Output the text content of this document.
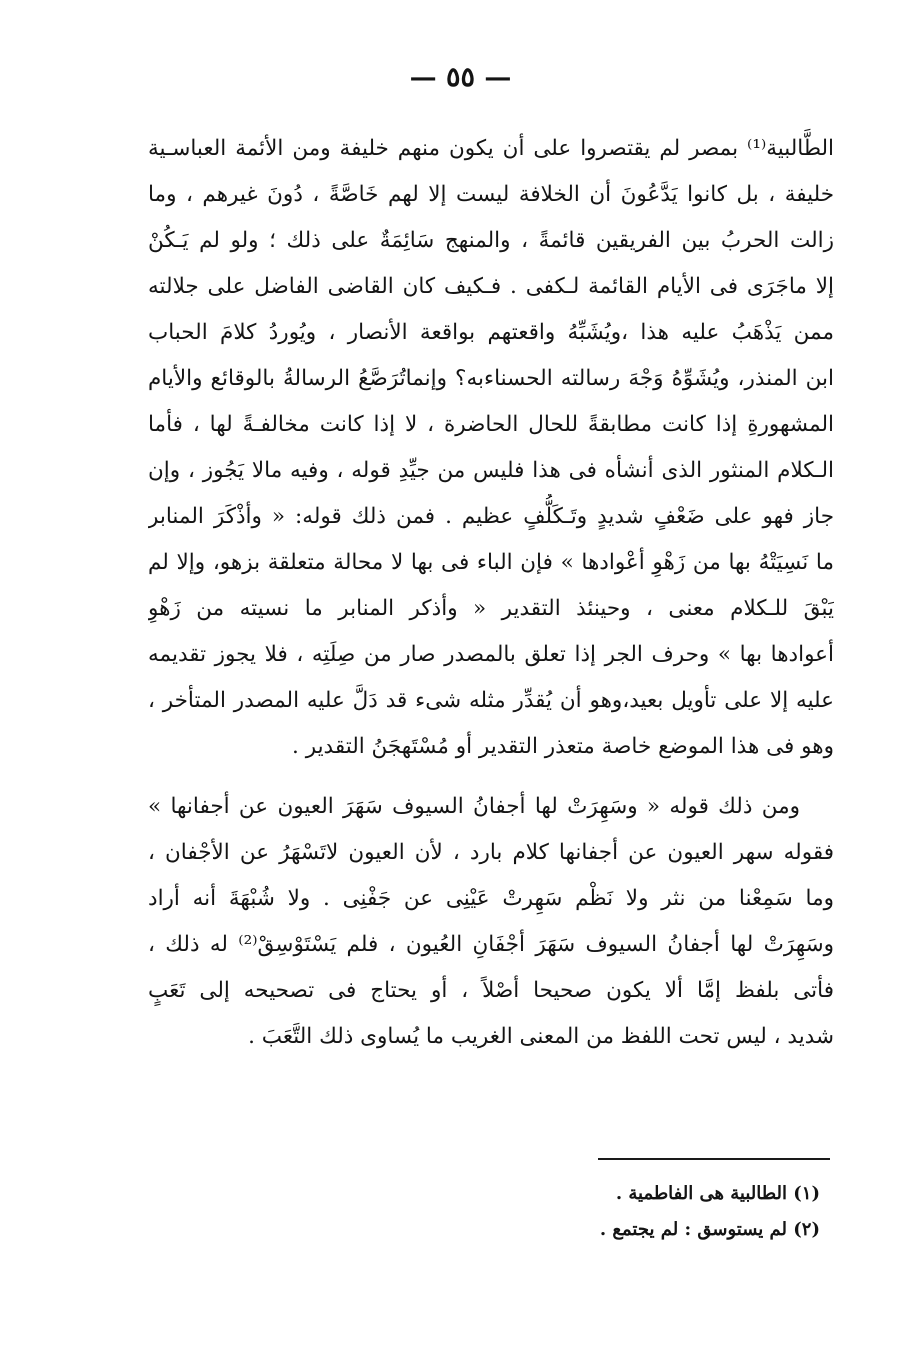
— ٥٥ —
الطَّالبية⁽¹⁾ بمصر لم يقتصروا على أن يكون منهم خليفة ومن الأئمة العباسـية
خليفة ، بل كانوا يَدَّعُونَ أن الخلافة ليست إلا لهم خَاصَّةً ، دُونَ غيرهم ، وما
زالت الحربُ بين الفريقين قائمةً ، والمنهج سَائِمَةٌ على ذلك ؛ ولو لم يَـكُنْ
إلا ماجَرَى فى الأيام القائمة لـكفى . فـكيف كان القاضى الفاضل على جلالته
ممن يَذْهَبُ عليه هذا ،ويُشَبِّهُ واقعتهم بواقعة الأنصار ، ويُوردُ كلامَ الحباب
ابن المنذر، ويُشَوِّهُ وَجْهَ رسالته الحسناءبه؟ وإنماتُرَصَّعُ الرسالةُ بالوقائع والأيام
المشهورةِ إذا كانت مطابقةً للحال الحاضرة ، لا إذا كانت مخالفـةً لها ، فأما
الـكلام المنثور الذى أنشأه فى هذا فليس من جيِّدِ قوله ، وفيه مالا يَجُوز ، وإن
جاز فهو على ضَعْفٍ شديدٍ وتَـكَلُّفٍ عظيم . فمن ذلك قوله: « وأذْكَرَ المنابر
ما نَسِيَتْهُ بها من زَهْوِ أعْوادها » فإن الباء فى بها لا محالة متعلقة بزهو، وإلا لم
يَبْقَ للـكلام معنى ، وحينئذ التقدير « وأذكر المنابر ما نسيته من زَهْوِ
أعوادها بها » وحرف الجر إذا تعلق بالمصدر صار من صِلَتِه ، فلا يجوز تقديمه
عليه إلا على تأويل بعيد،وهو أن يُقدِّر مثله شىء قد دَلَّ عليه المصدر المتأخر ،
وهو فى هذا الموضع خاصة متعذر التقدير أو مُسْتَهجَنُ التقدير .
ومن ذلك قوله « وسَهِرَتْ لها أجفانُ السيوف سَهَرَ العيون عن أجفانها »
فقوله سهر العيون عن أجفانها كلام بارد ، لأن العيون لاتَسْهَرُ عن الأجْفان ،
وما سَمِعْنا من نثر ولا نَظْم سَهِرتْ عَيْنِى عن جَفْنِى . ولا شُبْهَةَ أنه أراد
وسَهِرَتْ لها أجفانُ السيوف سَهَرَ أجْفَانِ العُيون ، فلم يَسْتَوْسِقْ⁽²⁾ له ذلك ،
فأتى بلفظ إمَّا ألا يكون صحيحا أصْلاً ، أو يحتاج فى تصحيحه إلى تَعَبٍ
شديد ، ليس تحت اللفظ من المعنى الغريب ما يُساوى ذلك التَّعَبَ .
(١) الطالبية هى الفاطمية .
(٢) لم يستوسق : لم يجتمع .
